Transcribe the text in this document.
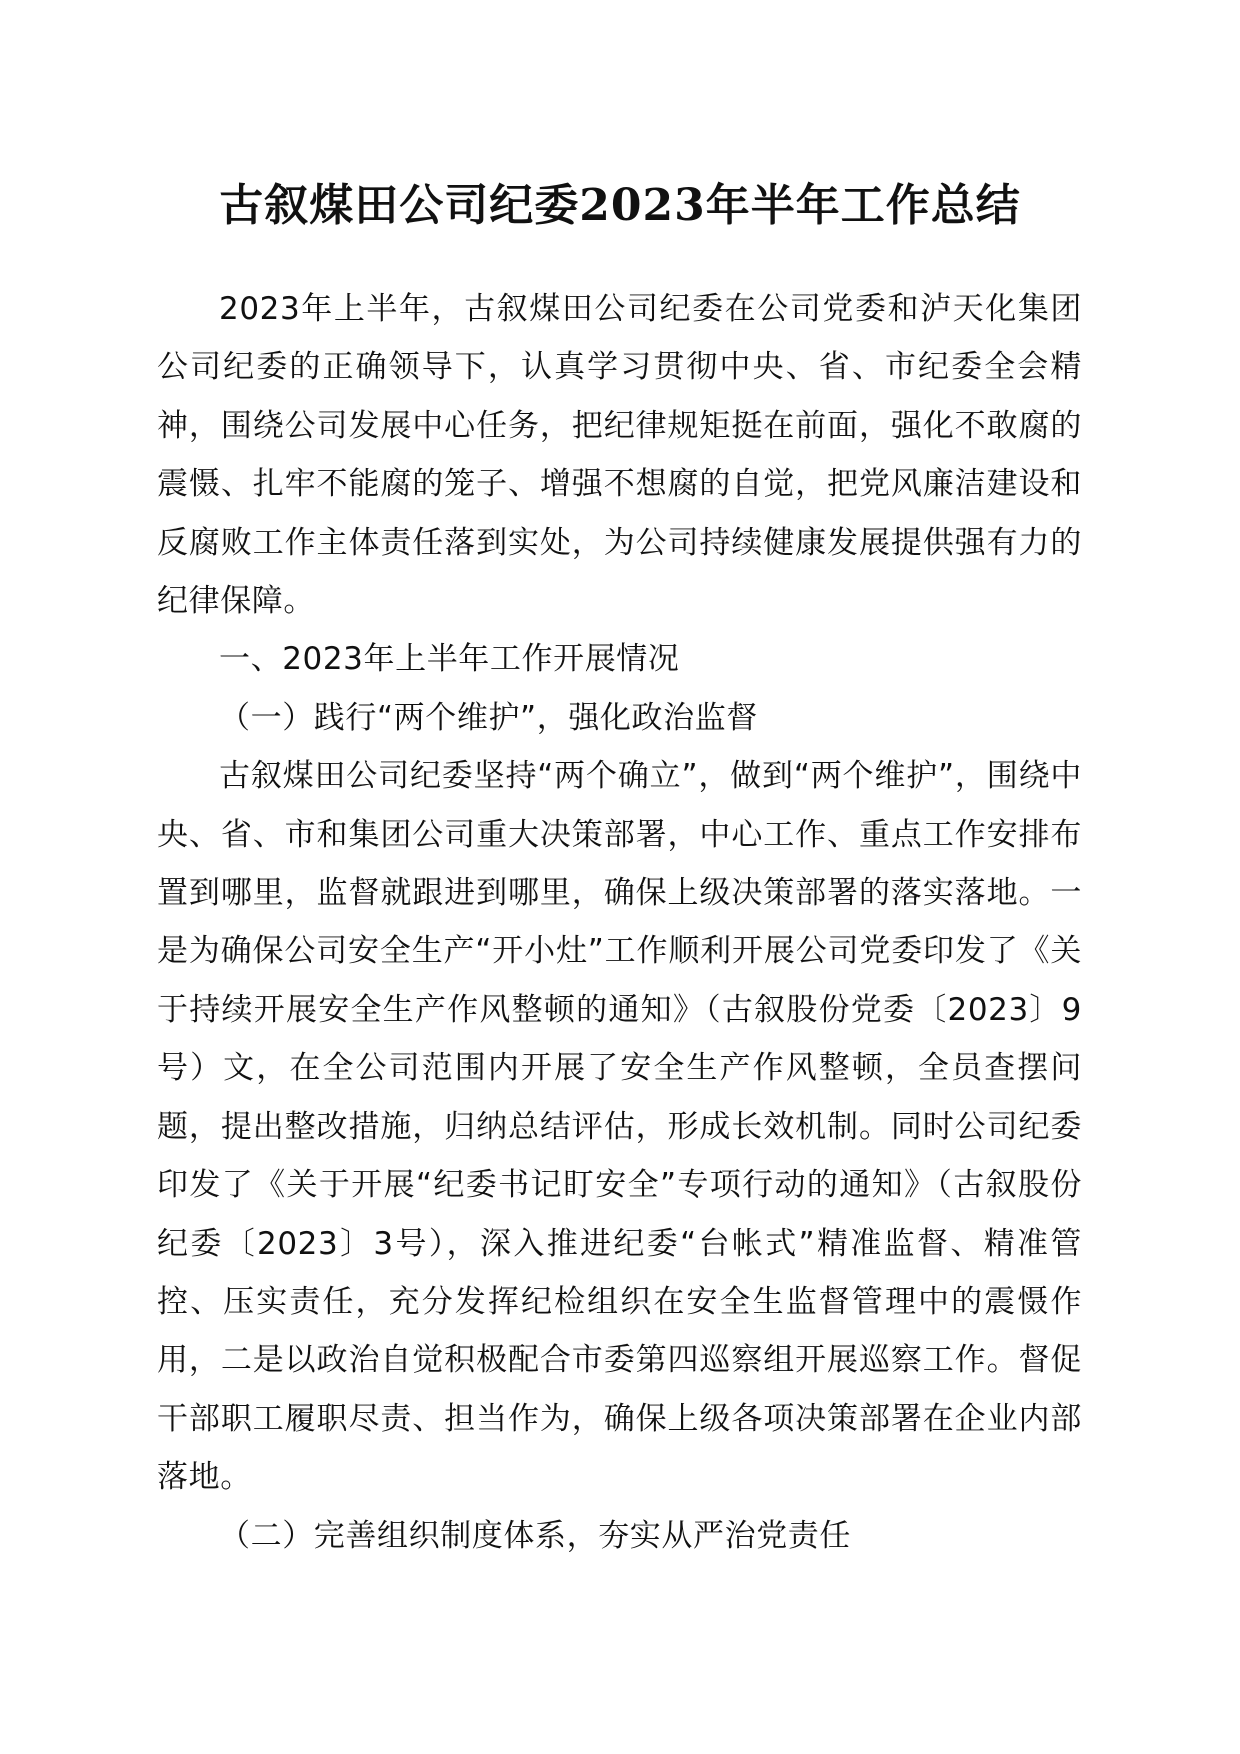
古叙煤田公司纪委2023年半年工作总结

2023年上半年，古叙煤田公司纪委在公司党委和泸天化集团公司纪委的正确领导下，认真学习贯彻中央、省、市纪委全会精神，围绕公司发展中心任务，把纪律规矩挺在前面，强化不敢腐的震慑、扎牢不能腐的笼子、增强不想腐的自觉，把党风廉洁建设和反腐败工作主体责任落到实处，为公司持续健康发展提供强有力的纪律保障。

一、2023年上半年工作开展情况

（一）践行“两个维护”，强化政治监督

古叙煤田公司纪委坚持“两个确立”，做到“两个维护”，围绕中央、省、市和集团公司重大决策部署，中心工作、重点工作安排布置到哪里，监督就跟进到哪里，确保上级决策部署的落实落地。一是为确保公司安全生产“开小灶”工作顺利开展公司党委印发了《关于持续开展安全生产作风整顿的通知》（古叙股份党委〔2023〕9号）文，在全公司范围内开展了安全生产作风整顿，全员查摆问题，提出整改措施，归纳总结评估，形成长效机制。同时公司纪委印发了《关于开展“纪委书记盯安全”专项行动的通知》（古叙股份纪委〔2023〕3号），深入推进纪委“台帐式”精准监督、精准管控、压实责任，充分发挥纪检组织在安全生监督管理中的震慑作用，二是以政治自觉积极配合市委第四巡察组开展巡察工作。督促干部职工履职尽责、担当作为，确保上级各项决策部署在企业内部落地。

（二）完善组织制度体系，夯实从严治党责任
